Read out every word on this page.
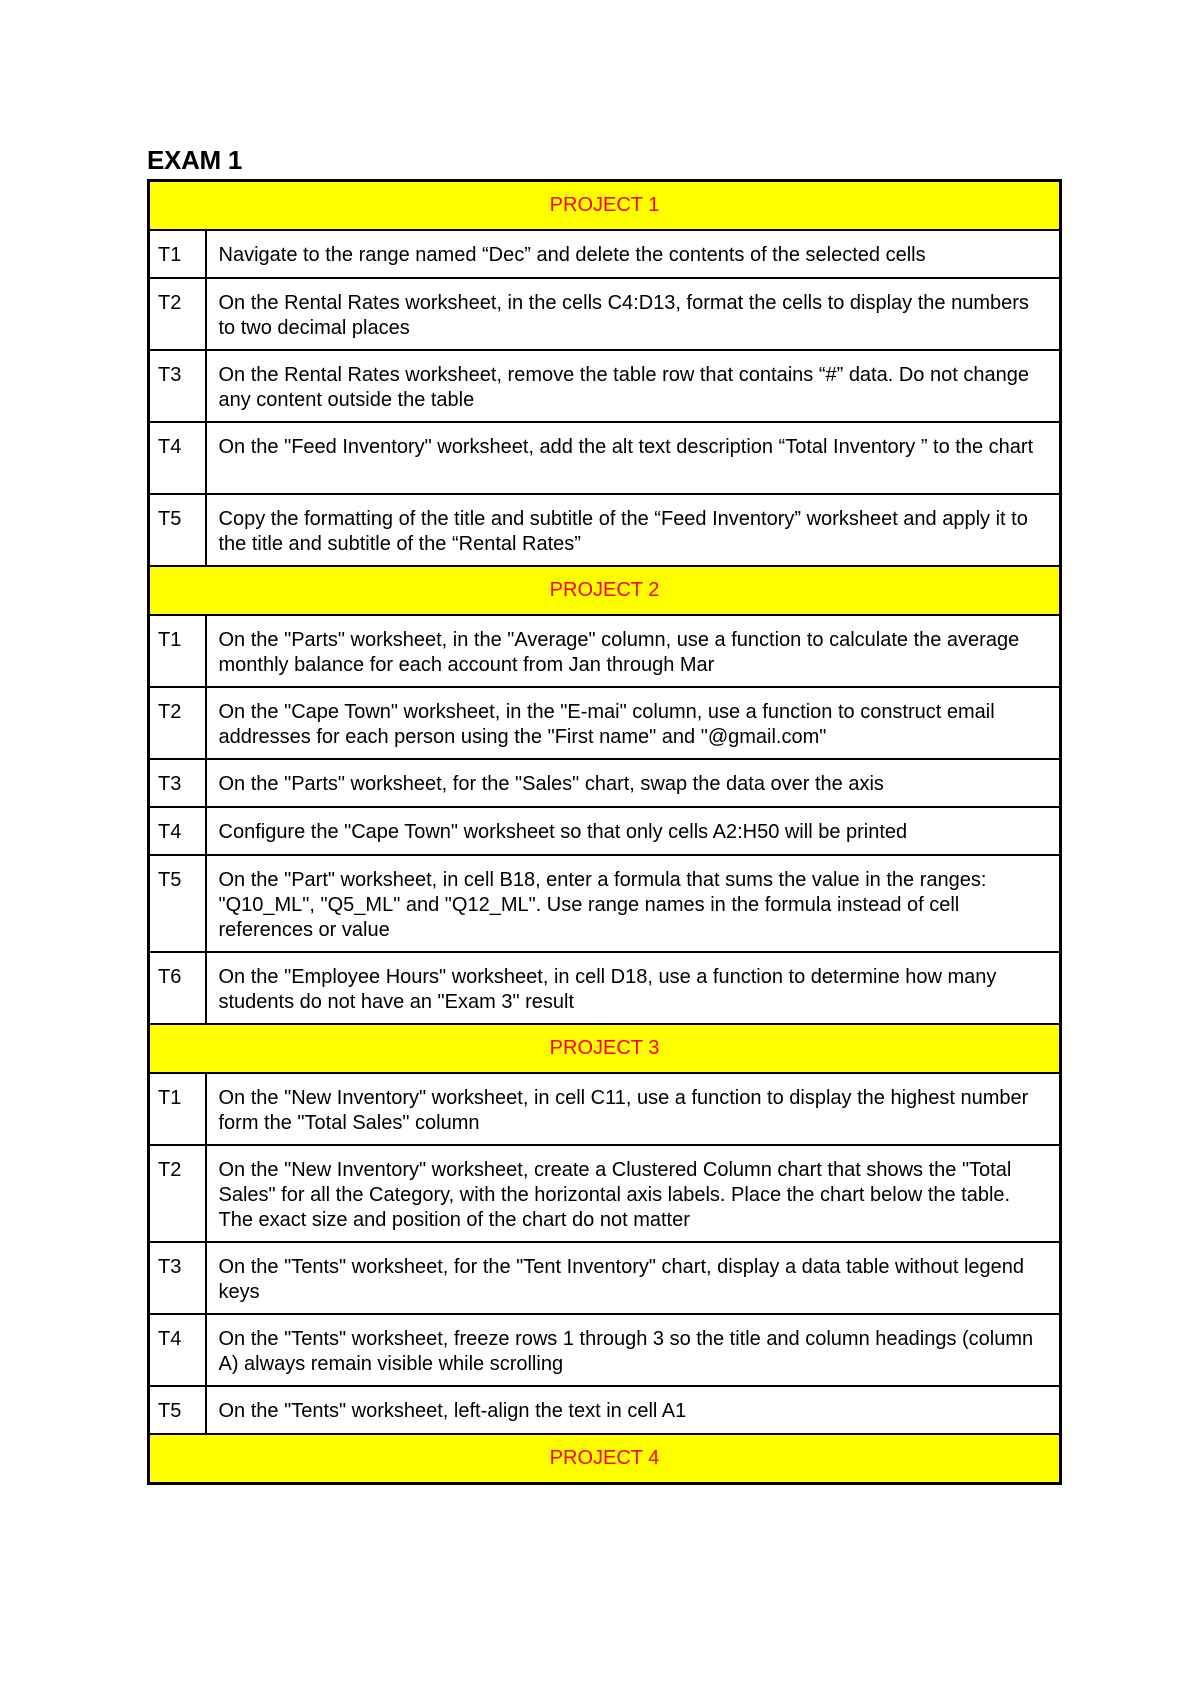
EXAM 1
PROJECT 1	
T1	Navigate to the range named “Dec” and delete the contents of the selected cells
T2	On the Rental Rates worksheet, in the cells C4:D13, format the cells to display the numbers to two decimal places
T3	On the Rental Rates worksheet, remove the table row that contains “#” data. Do not change any content outside the table
T4	On the "Feed Inventory" worksheet, add the alt text description “Total Inventory ” to the chart
T5	Copy the formatting of the title and subtitle of the “Feed Inventory” worksheet and apply it to the title and subtitle of the “Rental Rates”
PROJECT 2	
T1	On the "Parts" worksheet, in the "Average" column, use a function to calculate the average monthly balance for each account from Jan through Mar
T2	On the "Cape Town" worksheet, in the "E-mai" column, use a function to construct email addresses for each person using the "First name" and "@gmail.com"
T3	On the "Parts" worksheet, for the "Sales" chart, swap the data over the axis
T4	Configure the "Cape Town" worksheet so that only cells A2:H50 will be printed
T5	On the "Part" worksheet, in cell B18, enter a formula that sums the value in the ranges: "Q10_ML", "Q5_ML" and "Q12_ML". Use range names in the formula instead of cell references or value
T6	On the "Employee Hours" worksheet, in cell D18, use a function to determine how many students do not have an "Exam 3" result
PROJECT 3	
T1	On the "New Inventory" worksheet, in cell C11, use a function to display the highest number form the "Total Sales" column
T2	On the "New Inventory" worksheet, create a Clustered Column chart that shows the "Total Sales" for all the Category, with the horizontal axis labels. Place the chart below the table. The exact size and position of the chart do not matter
T3	On the "Tents" worksheet, for the "Tent Inventory" chart, display a data table without legend keys
T4	On the "Tents" worksheet, freeze rows 1 through 3 so the title and column headings (column A) always remain visible while scrolling
T5	On the "Tents" worksheet, left-align the text in cell A1
PROJECT 4	
